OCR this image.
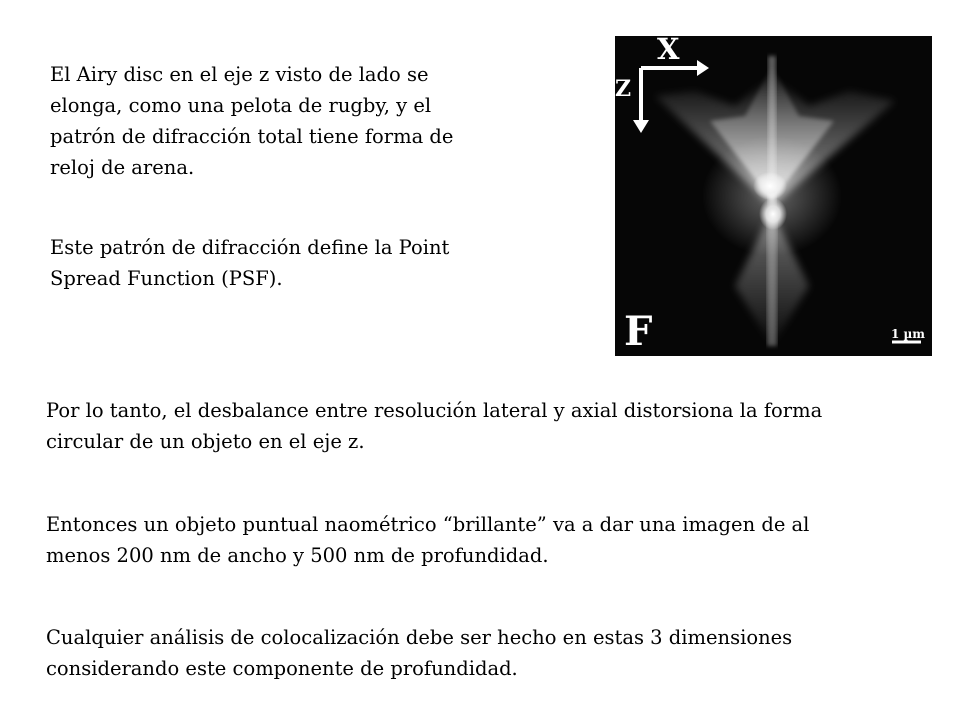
El Airy disc en el eje z visto de lado se
elonga, como una pelota de rugby, y el
patrón de difracción total tiene forma de
reloj de arena.
Este patrón de difracción define la Point
Spread Function (PSF).
X
Z
F	1 µm
Por lo tanto, el desbalance entre resolución lateral y axial distorsiona la forma
circular de un objeto en el eje z.
Entonces un objeto puntual naométrico “brillante” va a dar una imagen de al
menos 200 nm de ancho y 500 nm de profundidad.
Cualquier análisis de colocalización debe ser hecho en estas 3 dimensiones
considerando este componente de profundidad.
